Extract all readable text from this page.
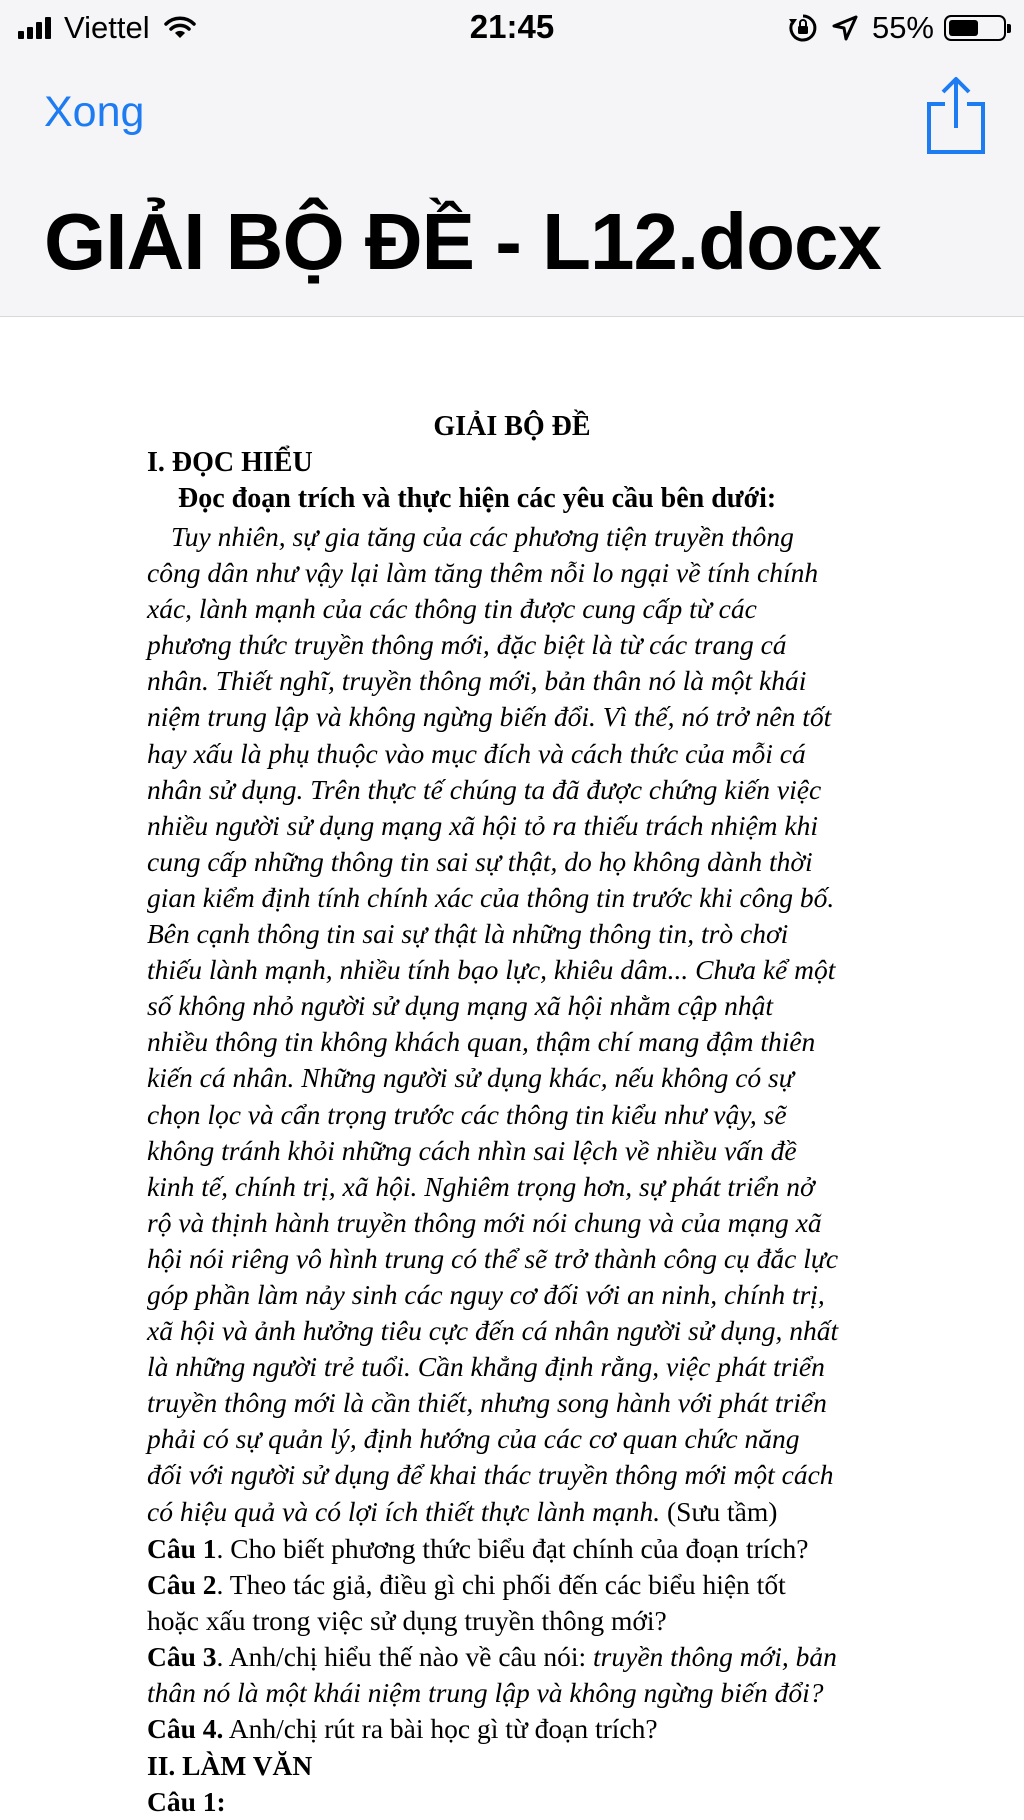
Viettel	21:45	55%
Xong
GIẢI BỘ ĐỀ - L12.docx
GIẢI BỘ ĐỀ
I. ĐỌC HIỂU
Đọc đoạn trích và thực hiện các yêu cầu bên dưới:
Tuy nhiên, sự gia tăng của các phương tiện truyền thông
công dân như vậy lại làm tăng thêm nỗi lo ngại về tính chính
xác, lành mạnh của các thông tin được cung cấp từ các
phương thức truyền thông mới, đặc biệt là từ các trang cá
nhân. Thiết nghĩ, truyền thông mới, bản thân nó là một khái
niệm trung lập và không ngừng biến đổi. Vì thế, nó trở nên tốt
hay xấu là phụ thuộc vào mục đích và cách thức của mỗi cá
nhân sử dụng. Trên thực tế chúng ta đã được chứng kiến việc
nhiều người sử dụng mạng xã hội tỏ ra thiếu trách nhiệm khi
cung cấp những thông tin sai sự thật, do họ không dành thời
gian kiểm định tính chính xác của thông tin trước khi công bố.
Bên cạnh thông tin sai sự thật là những thông tin, trò chơi
thiếu lành mạnh, nhiều tính bạo lực, khiêu dâm... Chưa kể một
số không nhỏ người sử dụng mạng xã hội nhằm cập nhật
nhiều thông tin không khách quan, thậm chí mang đậm thiên
kiến cá nhân. Những người sử dụng khác, nếu không có sự
chọn lọc và cẩn trọng trước các thông tin kiểu như vậy, sẽ
không tránh khỏi những cách nhìn sai lệch về nhiều vấn đề
kinh tế, chính trị, xã hội. Nghiêm trọng hơn, sự phát triển nở
rộ và thịnh hành truyền thông mới nói chung và của mạng xã
hội nói riêng vô hình trung có thể sẽ trở thành công cụ đắc lực
góp phần làm nảy sinh các nguy cơ đối với an ninh, chính trị,
xã hội và ảnh hưởng tiêu cực đến cá nhân người sử dụng, nhất
là những người trẻ tuổi. Cần khẳng định rằng, việc phát triển
truyền thông mới là cần thiết, nhưng song hành với phát triển
phải có sự quản lý, định hướng của các cơ quan chức năng
đối với người sử dụng để khai thác truyền thông mới một cách
có hiệu quả và có lợi ích thiết thực lành mạnh. (Sưu tầm)
Câu 1. Cho biết phương thức biểu đạt chính của đoạn trích?
Câu 2. Theo tác giả, điều gì chi phối đến các biểu hiện tốt
hoặc xấu trong việc sử dụng truyền thông mới?
Câu 3. Anh/chị hiểu thế nào về câu nói: truyền thông mới, bản
thân nó là một khái niệm trung lập và không ngừng biến đổi?
Câu 4. Anh/chị rút ra bài học gì từ đoạn trích?
II. LÀM VĂN
Câu 1:
